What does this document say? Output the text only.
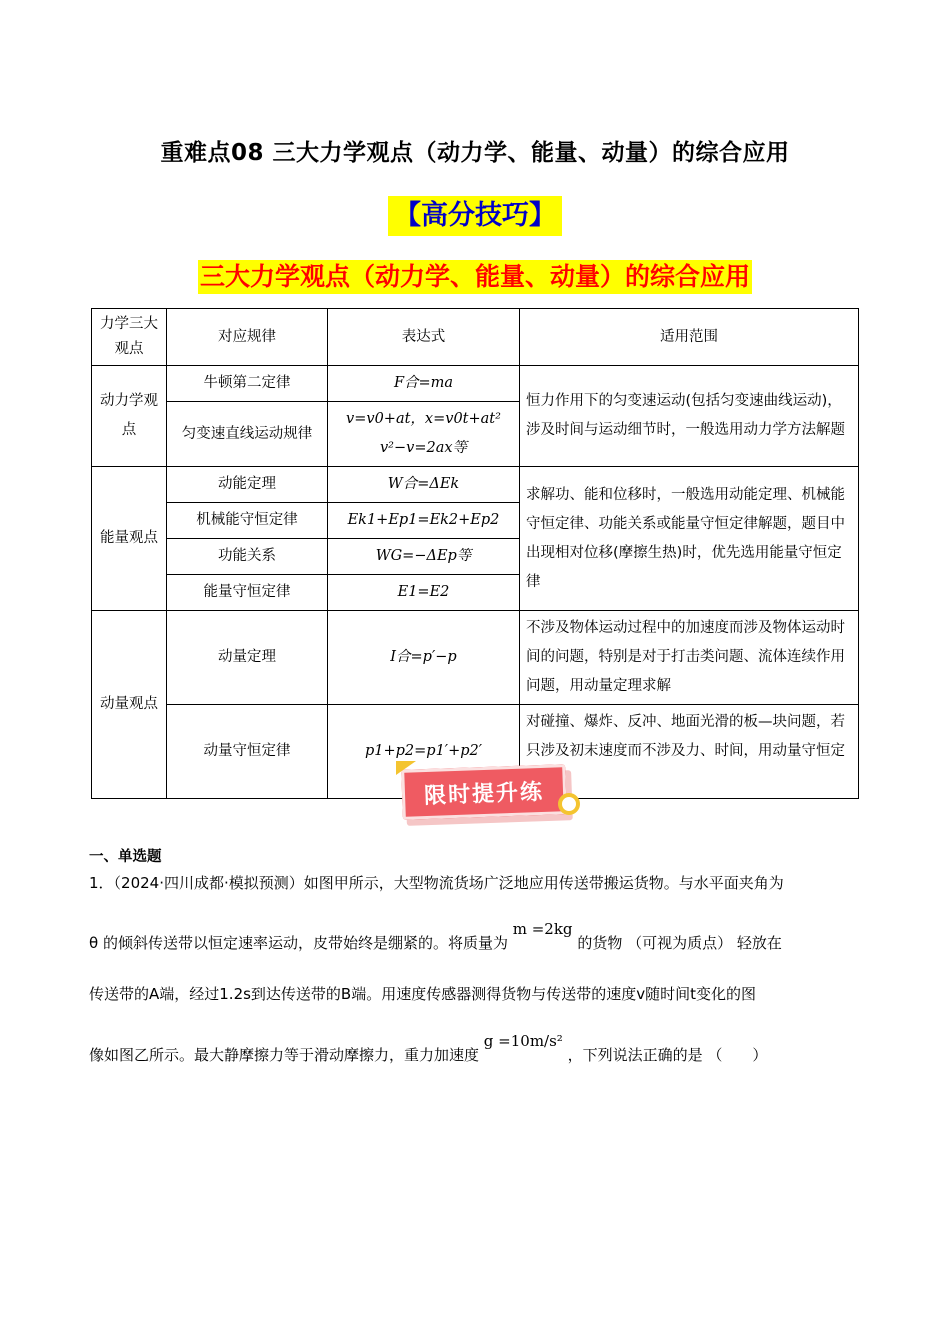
重难点08 三大力学观点（动力学、能量、动量）的综合应用
【高分技巧】
三大力学观点（动力学、能量、动量）的综合应用
力学三大观点	对应规律	表达式	适用范围
动力学观点	牛顿第二定律	F合=ma	恒力作用下的匀变速运动(包括匀变速曲线运动)，涉及时间与运动细节时，一般选用动力学方法解题
	匀变速直线运动规律	v=v0+at，x=v0t+at²　v²−v=2ax等	
能量观点	动能定理	W合=ΔEk	求解功、能和位移时，一般选用动能定理、机械能守恒定律、功能关系或能量守恒定律解题，题目中出现相对位移(摩擦生热)时，优先选用能量守恒定律
	机械能守恒定律	Ek1+Ep1=Ek2+Ep2	
	功能关系	WG=−ΔEp等	
	能量守恒定律	E1=E2	
动量观点	动量定理	I合=p′−p	不涉及物体运动过程中的加速度而涉及物体运动时间的问题，特别是对于打击类问题、流体连续作用问题，用动量定理求解
	动量守恒定律	p1+p2=p1′+p2′	对碰撞、爆炸、反冲、地面光滑的板—块问题，若只涉及初末速度而不涉及力、时间，用动量守恒定
限时提升练
一、单选题
1．（2024·四川成都·模拟预测）如图甲所示，大型物流货场广泛地应用传送带搬运货物。与水平面夹角为
θ 的倾斜传送带以恒定速率运动，皮带始终是绷紧的。将质量为 m =2kg 的货物 （可视为质点） 轻放在
传送带的A端，经过1.2s到达传送带的B端。用速度传感器测得货物与传送带的速度v随时间t变化的图
像如图乙所示。最大静摩擦力等于滑动摩擦力，重力加速度 g =10m/s² ，下列说法正确的是 （　　）
